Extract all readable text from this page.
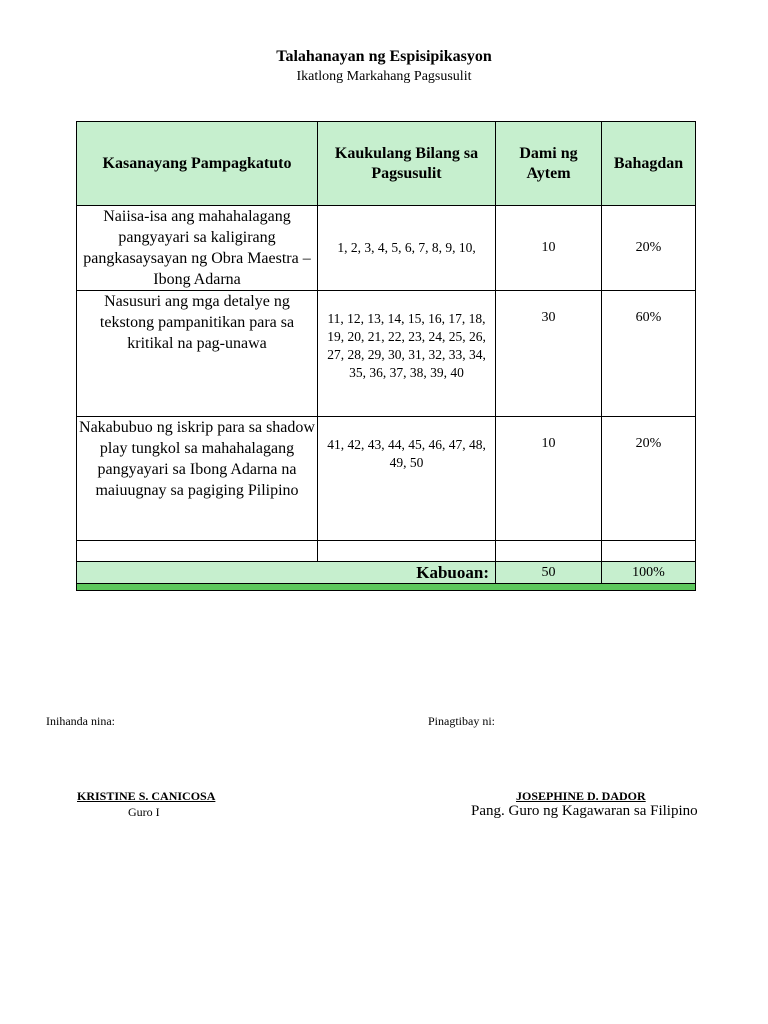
Talahanayan ng Espisipikasyon
Ikatlong Markahang Pagsusulit
Kasanayang Pampagkatuto	Kaukulang Bilang sa Pagsusulit	Dami ng Aytem	Bahagdan
Naiisa-isa ang mahahalagang pangyayari sa kaligirang pangkasaysayan ng Obra Maestra – Ibong Adarna	1, 2, 3, 4, 5, 6, 7, 8, 9, 10,	10	20%
Nasusuri ang mga detalye ng tekstong pampanitikan para sa kritikal na pag-unawa	11, 12, 13, 14, 15, 16, 17, 18, 19, 20, 21, 22, 23, 24, 25, 26, 27, 28, 29, 30, 31, 32, 33, 34, 35, 36, 37, 38, 39, 40	30	60%
Nakabubuo ng iskrip para sa shadow play tungkol sa mahahalagang pangyayari sa Ibong Adarna na maiuugnay sa pagiging Pilipino	41, 42, 43, 44, 45, 46, 47, 48, 49, 50	10	20%

Kabuoan:		50	100%

Inihanda nina:	Pinagtibay ni:
KRISTINE S. CANICOSA
Guro I
JOSEPHINE D. DADOR
Pang. Guro ng Kagawaran sa Filipino
